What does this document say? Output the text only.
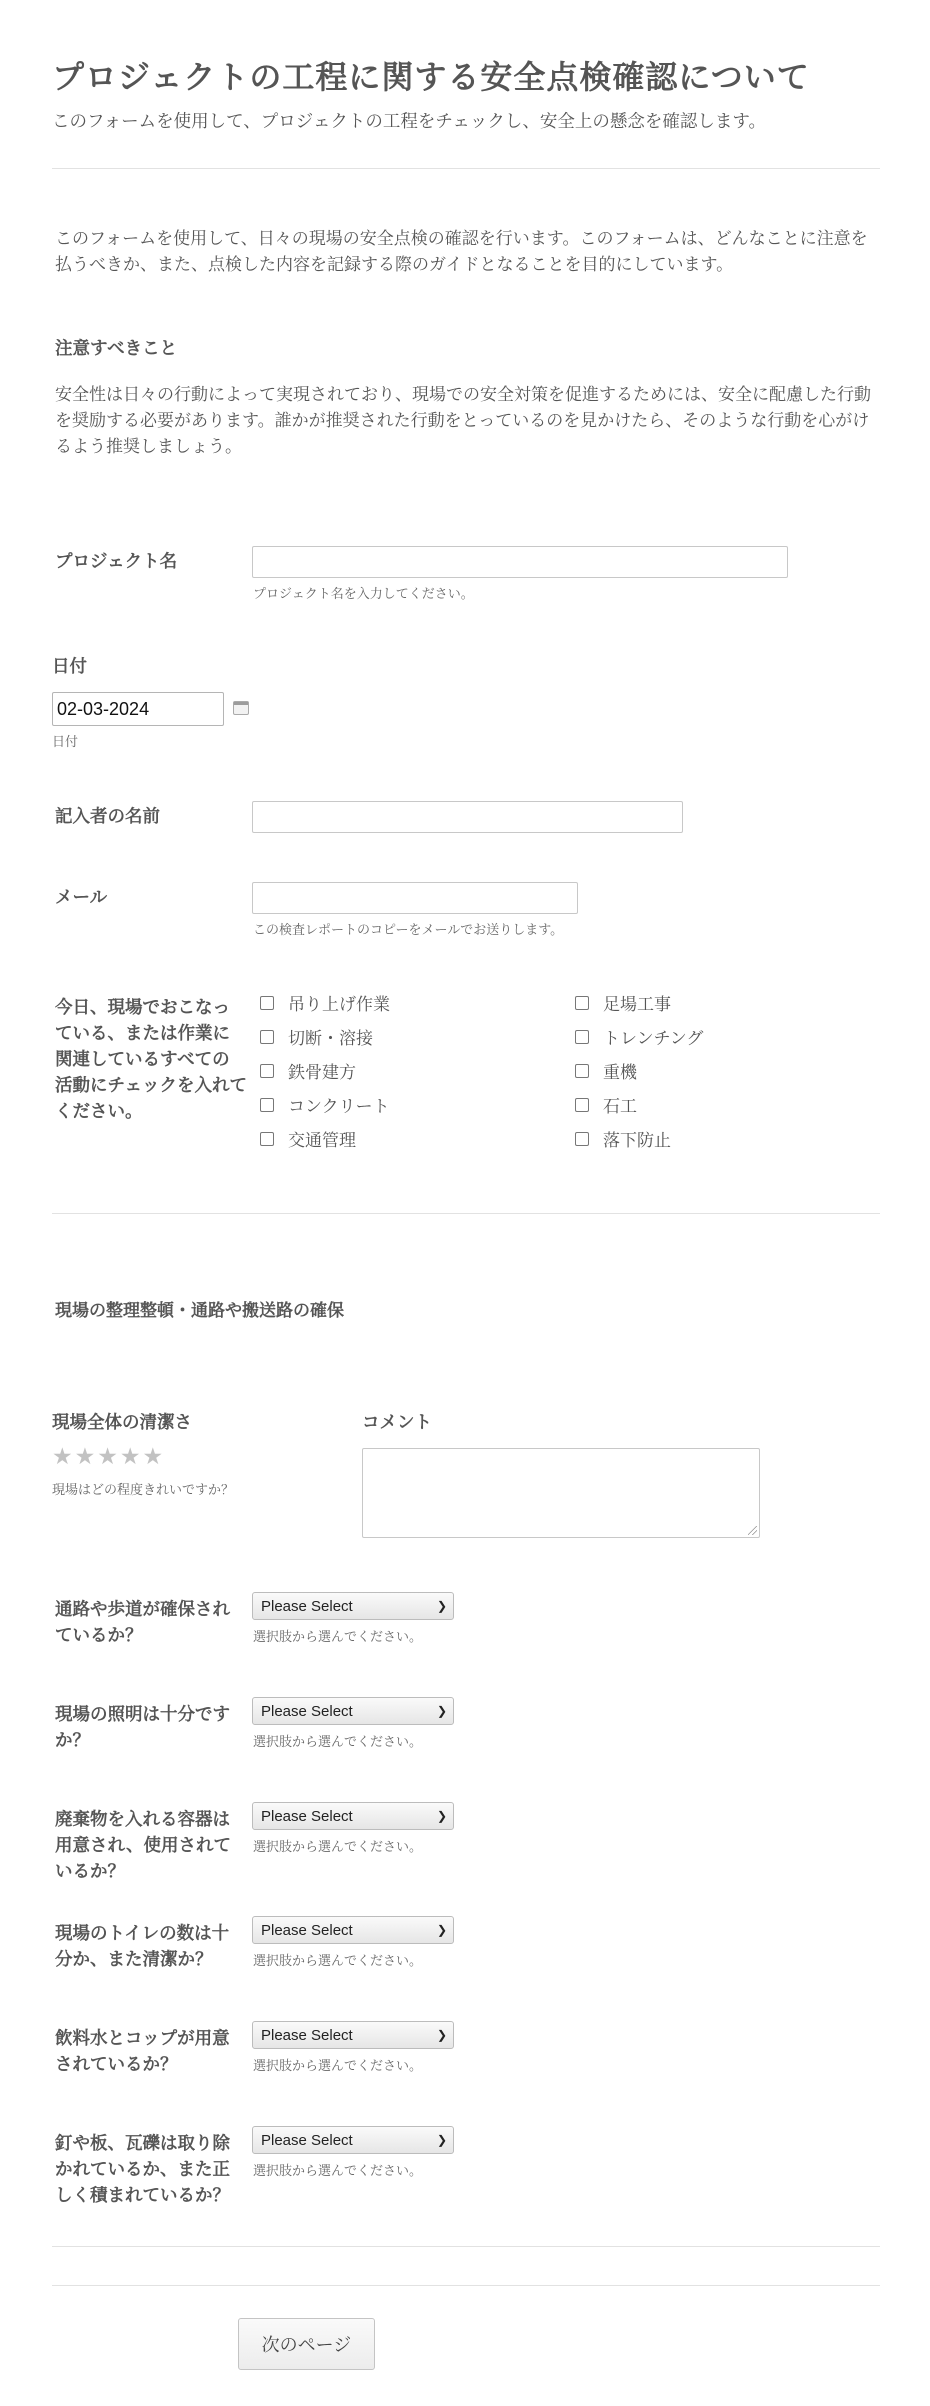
プロジェクトの工程に関する安全点検確認について
このフォームを使用して、プロジェクトの工程をチェックし、安全上の懸念を確認します。
このフォームを使用して、日々の現場の安全点検の確認を行います。このフォームは、どんなことに注意を払うべきか、また、点検した内容を記録する際のガイドとなることを目的にしています。
注意すべきこと
安全性は日々の行動によって実現されており、現場での安全対策を促進するためには、安全に配慮した行動を奨励する必要があります。誰かが推奨された行動をとっているのを見かけたら、そのような行動を心がけるよう推奨しましょう。
プロジェクト名
プロジェクト名を入力してください。
日付
02-03-2024
日付
記入者の名前
メール
この検査レポートのコピーをメールでお送りします。
今日、現場でおこなっている、または作業に関連しているすべての活動にチェックを入れてください。
吊り上げ作業
切断・溶接
鉄骨建方
コンクリート
交通管理
足場工事
トレンチング
重機
石工
落下防止
現場の整理整頓・通路や搬送路の確保
現場全体の清潔さ
★ ★ ★ ★ ★
現場はどの程度きれいですか？
コメント
通路や歩道が確保されているか？
Please Select	❯
選択肢から選んでください。
現場の照明は十分ですか？
Please Select	❯
選択肢から選んでください。
廃棄物を入れる容器は用意され、使用されているか？
Please Select	❯
選択肢から選んでください。
現場のトイレの数は十分か、また清潔か？
Please Select	❯
選択肢から選んでください。
飲料水とコップが用意されているか？
Please Select	❯
選択肢から選んでください。
釘や板、瓦礫は取り除かれているか、また正しく積まれているか？
Please Select	❯
選択肢から選んでください。
次のページ
